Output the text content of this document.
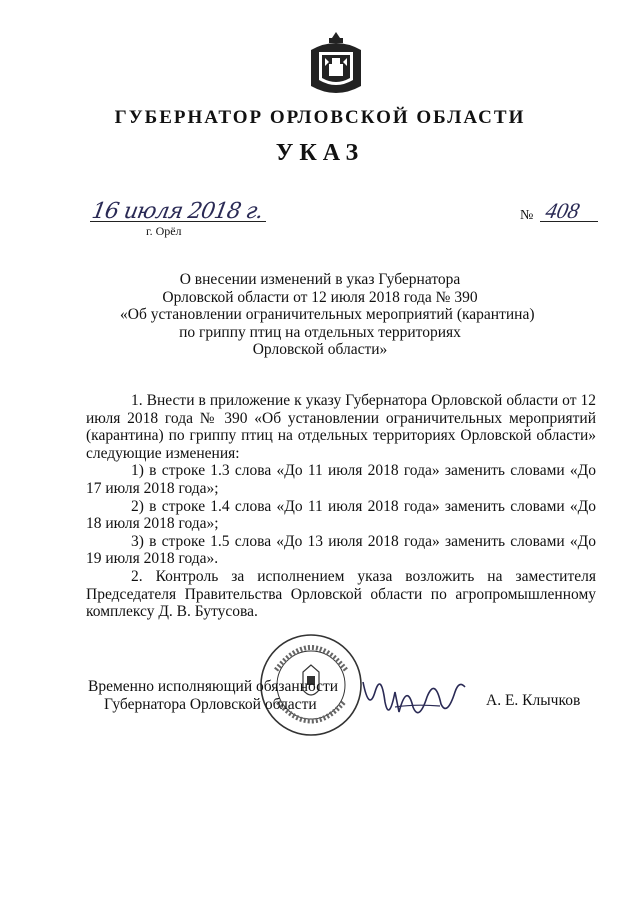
ГУБЕРНАТОР ОРЛОВСКОЙ ОБЛАСТИ
УКАЗ
16 июля 2018 г.
г. Орёл
№ 408
О внесении изменений в указ Губернатора
Орловской области от 12 июля 2018 года № 390
«Об установлении ограничительных мероприятий (карантина)
по гриппу птиц на отдельных территориях
Орловской области»

1. Внести в приложение к указу Губернатора Орловской области от 12 июля 2018 года № 390 «Об установлении ограничительных мероприятий (карантина) по гриппу птиц на отдельных территориях Орловской области» следующие изменения:

1) в строке 1.3 слова «До 11 июля 2018 года» заменить словами «До 17 июля 2018 года»;

2) в строке 1.4 слова «До 11 июля 2018 года» заменить словами «До 18 июля 2018 года»;

3) в строке 1.5 слова «До 13 июля 2018 года» заменить словами «До 19 июля 2018 года».

2. Контроль за исполнением указа возложить на заместителя Председателя Правительства Орловской области по агропромышленному комплексу Д. В. Бутусова.

Временно исполняющий обязанности
Губернатора Орловской области	А. Е. Клычков
